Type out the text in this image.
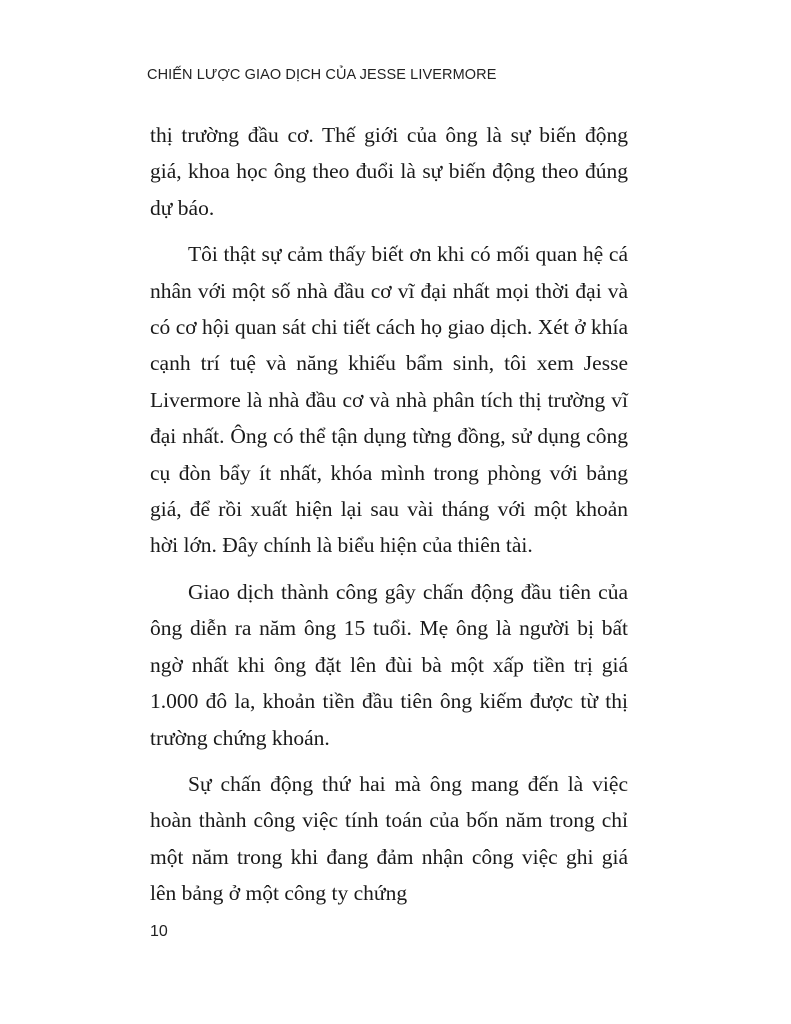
CHIẾN LƯỢC GIAO DỊCH CỦA JESSE LIVERMORE

thị trường đầu cơ. Thế giới của ông là sự biến động giá, khoa học ông theo đuổi là sự biến động theo đúng dự báo.

Tôi thật sự cảm thấy biết ơn khi có mối quan hệ cá nhân với một số nhà đầu cơ vĩ đại nhất mọi thời đại và có cơ hội quan sát chi tiết cách họ giao dịch. Xét ở khía cạnh trí tuệ và năng khiếu bẩm sinh, tôi xem Jesse Livermore là nhà đầu cơ và nhà phân tích thị trường vĩ đại nhất. Ông có thể tận dụng từng đồng, sử dụng công cụ đòn bẩy ít nhất, khóa mình trong phòng với bảng giá, để rồi xuất hiện lại sau vài tháng với một khoản hời lớn. Đây chính là biểu hiện của thiên tài.

Giao dịch thành công gây chấn động đầu tiên của ông diễn ra năm ông 15 tuổi. Mẹ ông là người bị bất ngờ nhất khi ông đặt lên đùi bà một xấp tiền trị giá 1.000 đô la, khoản tiền đầu tiên ông kiếm được từ thị trường chứng khoán.

Sự chấn động thứ hai mà ông mang đến là việc hoàn thành công việc tính toán của bốn năm trong chỉ một năm trong khi đang đảm nhận công việc ghi giá lên bảng ở một công ty chứng

10
